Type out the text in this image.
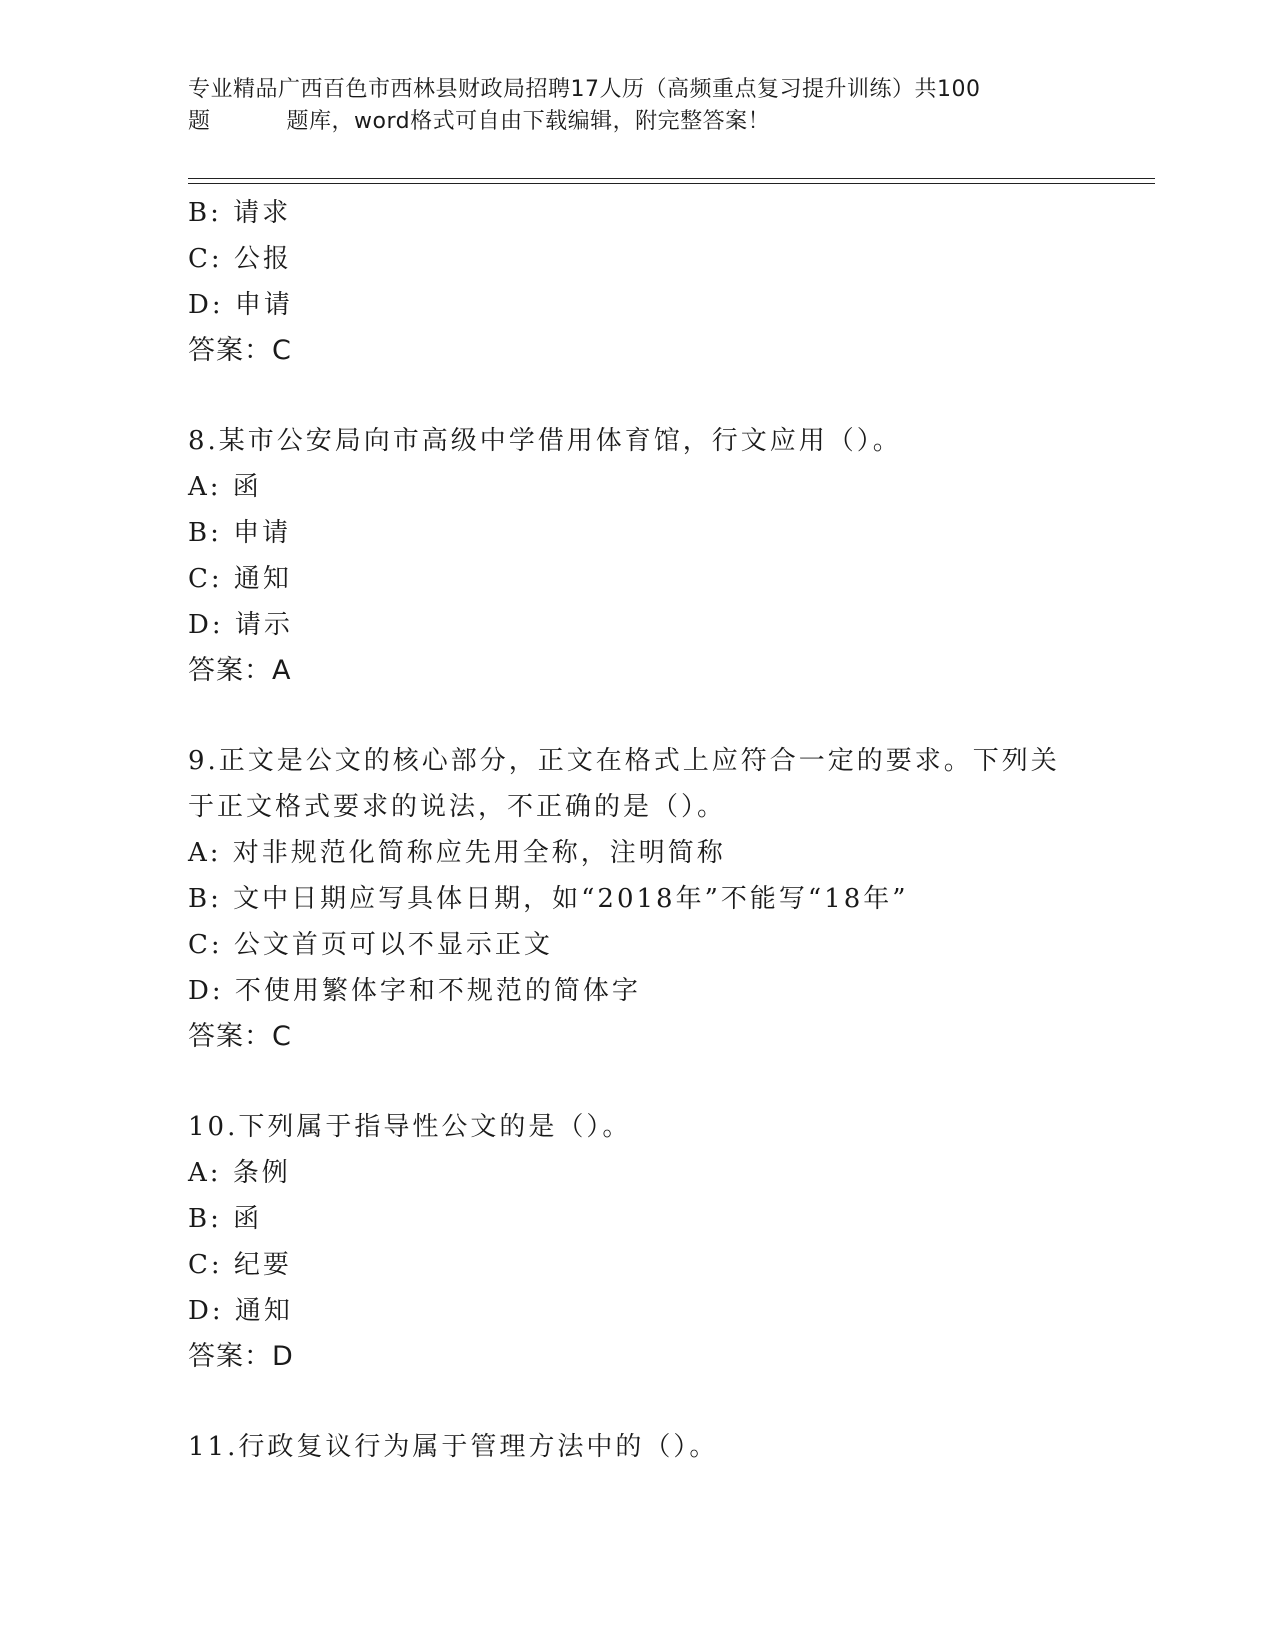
专业精品广西百色市西林县财政局招聘17人历（高频重点复习提升训练）共100
题	题库，word格式可自由下载编辑，附完整答案！
B: 请求
C: 公报
D: 申请
答案：C
8.某市公安局向市高级中学借用体育馆，行文应用（）。
A: 函
B: 申请
C: 通知
D: 请示
答案：A
9.正文是公文的核心部分，正文在格式上应符合一定的要求。下列关
于正文格式要求的说法，不正确的是（）。
A: 对非规范化简称应先用全称，注明简称
B: 文中日期应写具体日期，如“2018年”不能写“18年”
C: 公文首页可以不显示正文
D: 不使用繁体字和不规范的简体字
答案：C
10.下列属于指导性公文的是（）。
A: 条例
B: 函
C: 纪要
D: 通知
答案：D
11.行政复议行为属于管理方法中的（）。
